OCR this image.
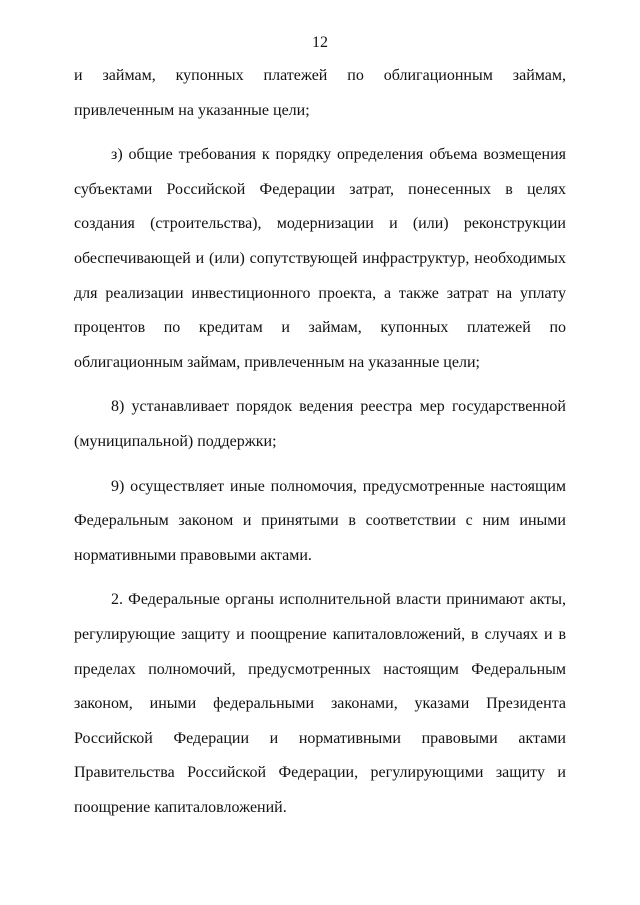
12

и займам, купонных платежей по облигационным займам, привлеченным на указанные цели;

з) общие требования к порядку определения объема возмещения субъектами Российской Федерации затрат, понесенных в целях создания (строительства), модернизации и (или) реконструкции обеспечивающей и (или) сопутствующей инфраструктур, необходимых для реализации инвестиционного проекта, а также затрат на уплату процентов по кредитам и займам, купонных платежей по облигационным займам, привлеченным на указанные цели;

8) устанавливает порядок ведения реестра мер государственной (муниципальной) поддержки;

9) осуществляет иные полномочия, предусмотренные настоящим Федеральным законом и принятыми в соответствии с ним иными нормативными правовыми актами.

2. Федеральные органы исполнительной власти принимают акты, регулирующие защиту и поощрение капиталовложений, в случаях и в пределах полномочий, предусмотренных настоящим Федеральным законом, иными федеральными законами, указами Президента Российской Федерации и нормативными правовыми актами Правительства Российской Федерации, регулирующими защиту и поощрение капиталовложений.
